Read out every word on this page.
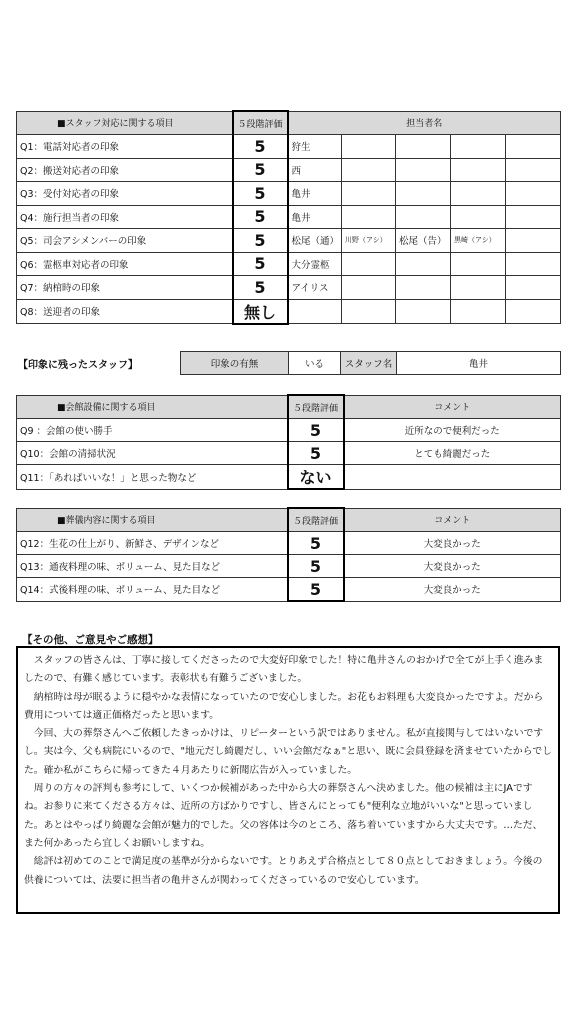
■スタッフ対応に関する項目	５段階評価	担当者名				
Q1：電話対応者の印象	5	狩生				
Q2：搬送対応者の印象	5	西				
Q3：受付対応者の印象	5	亀井				
Q4：施行担当者の印象	5	亀井				
Q5：司会アシメンバーの印象	5	松尾（通）	川野（アシ）	松尾（告）	黒崎（アシ）	
Q6：霊柩車対応者の印象	5	大分霊柩				
Q7：納棺時の印象	5	アイリス				
Q8：送迎者の印象	無し					
【印象に残ったスタッフ】	印象の有無	いる	スタッフ名	亀井
■会館設備に関する項目	５段階評価	コメント
Q9 ：会館の使い勝手	5	近所なので便利だった
Q10：会館の清掃状況	5	とても綺麗だった
Q11：「あればいいな！」と思った物など	ない	
■葬儀内容に関する項目	５段階評価	コメント
Q12：生花の仕上がり、新鮮さ、デザインなど	5	大変良かった
Q13：通夜料理の味、ボリューム、見た目など	5	大変良かった
Q14：式後料理の味、ボリューム、見た目など	5	大変良かった
【その他、ご意見やご感想】

スタッフの皆さんは、丁寧に接してくださったので大変好印象でした！特に亀井さんのおかげで全てが上手く進みましたので、有難く感じています。表彰状も有難うございました。

納棺時は母が眠るように穏やかな表情になっていたので安心しました。お花もお料理も大変良かったですよ。だから費用については適正価格だったと思います。

今回、大の葬祭さんへご依頼したきっかけは、リピーターという訳ではありません。私が直接関与してはいないですし。実は今、父も病院にいるので、"地元だし綺麗だし、いい会館だなぁ"と思い、既に会員登録を済ませていたからでした。確か私がこちらに帰ってきた４月あたりに新聞広告が入っていました。

周りの方々の評判も参考にして、いくつか候補があった中から大の葬祭さんへ決めました。他の候補は主にJAですね。お参りに来てくださる方々は、近所の方ばかりですし、皆さんにとっても"便利な立地がいいな"と思っていました。あとはやっぱり綺麗な会館が魅力的でした。父の容体は今のところ、落ち着いていますから大丈夫です。…ただ、また何かあったら宜しくお願いしますね。

総評は初めてのことで満足度の基準が分からないです。とりあえず合格点として８０点としておきましょう。今後の供養については、法要に担当者の亀井さんが関わってくださっているので安心しています。
